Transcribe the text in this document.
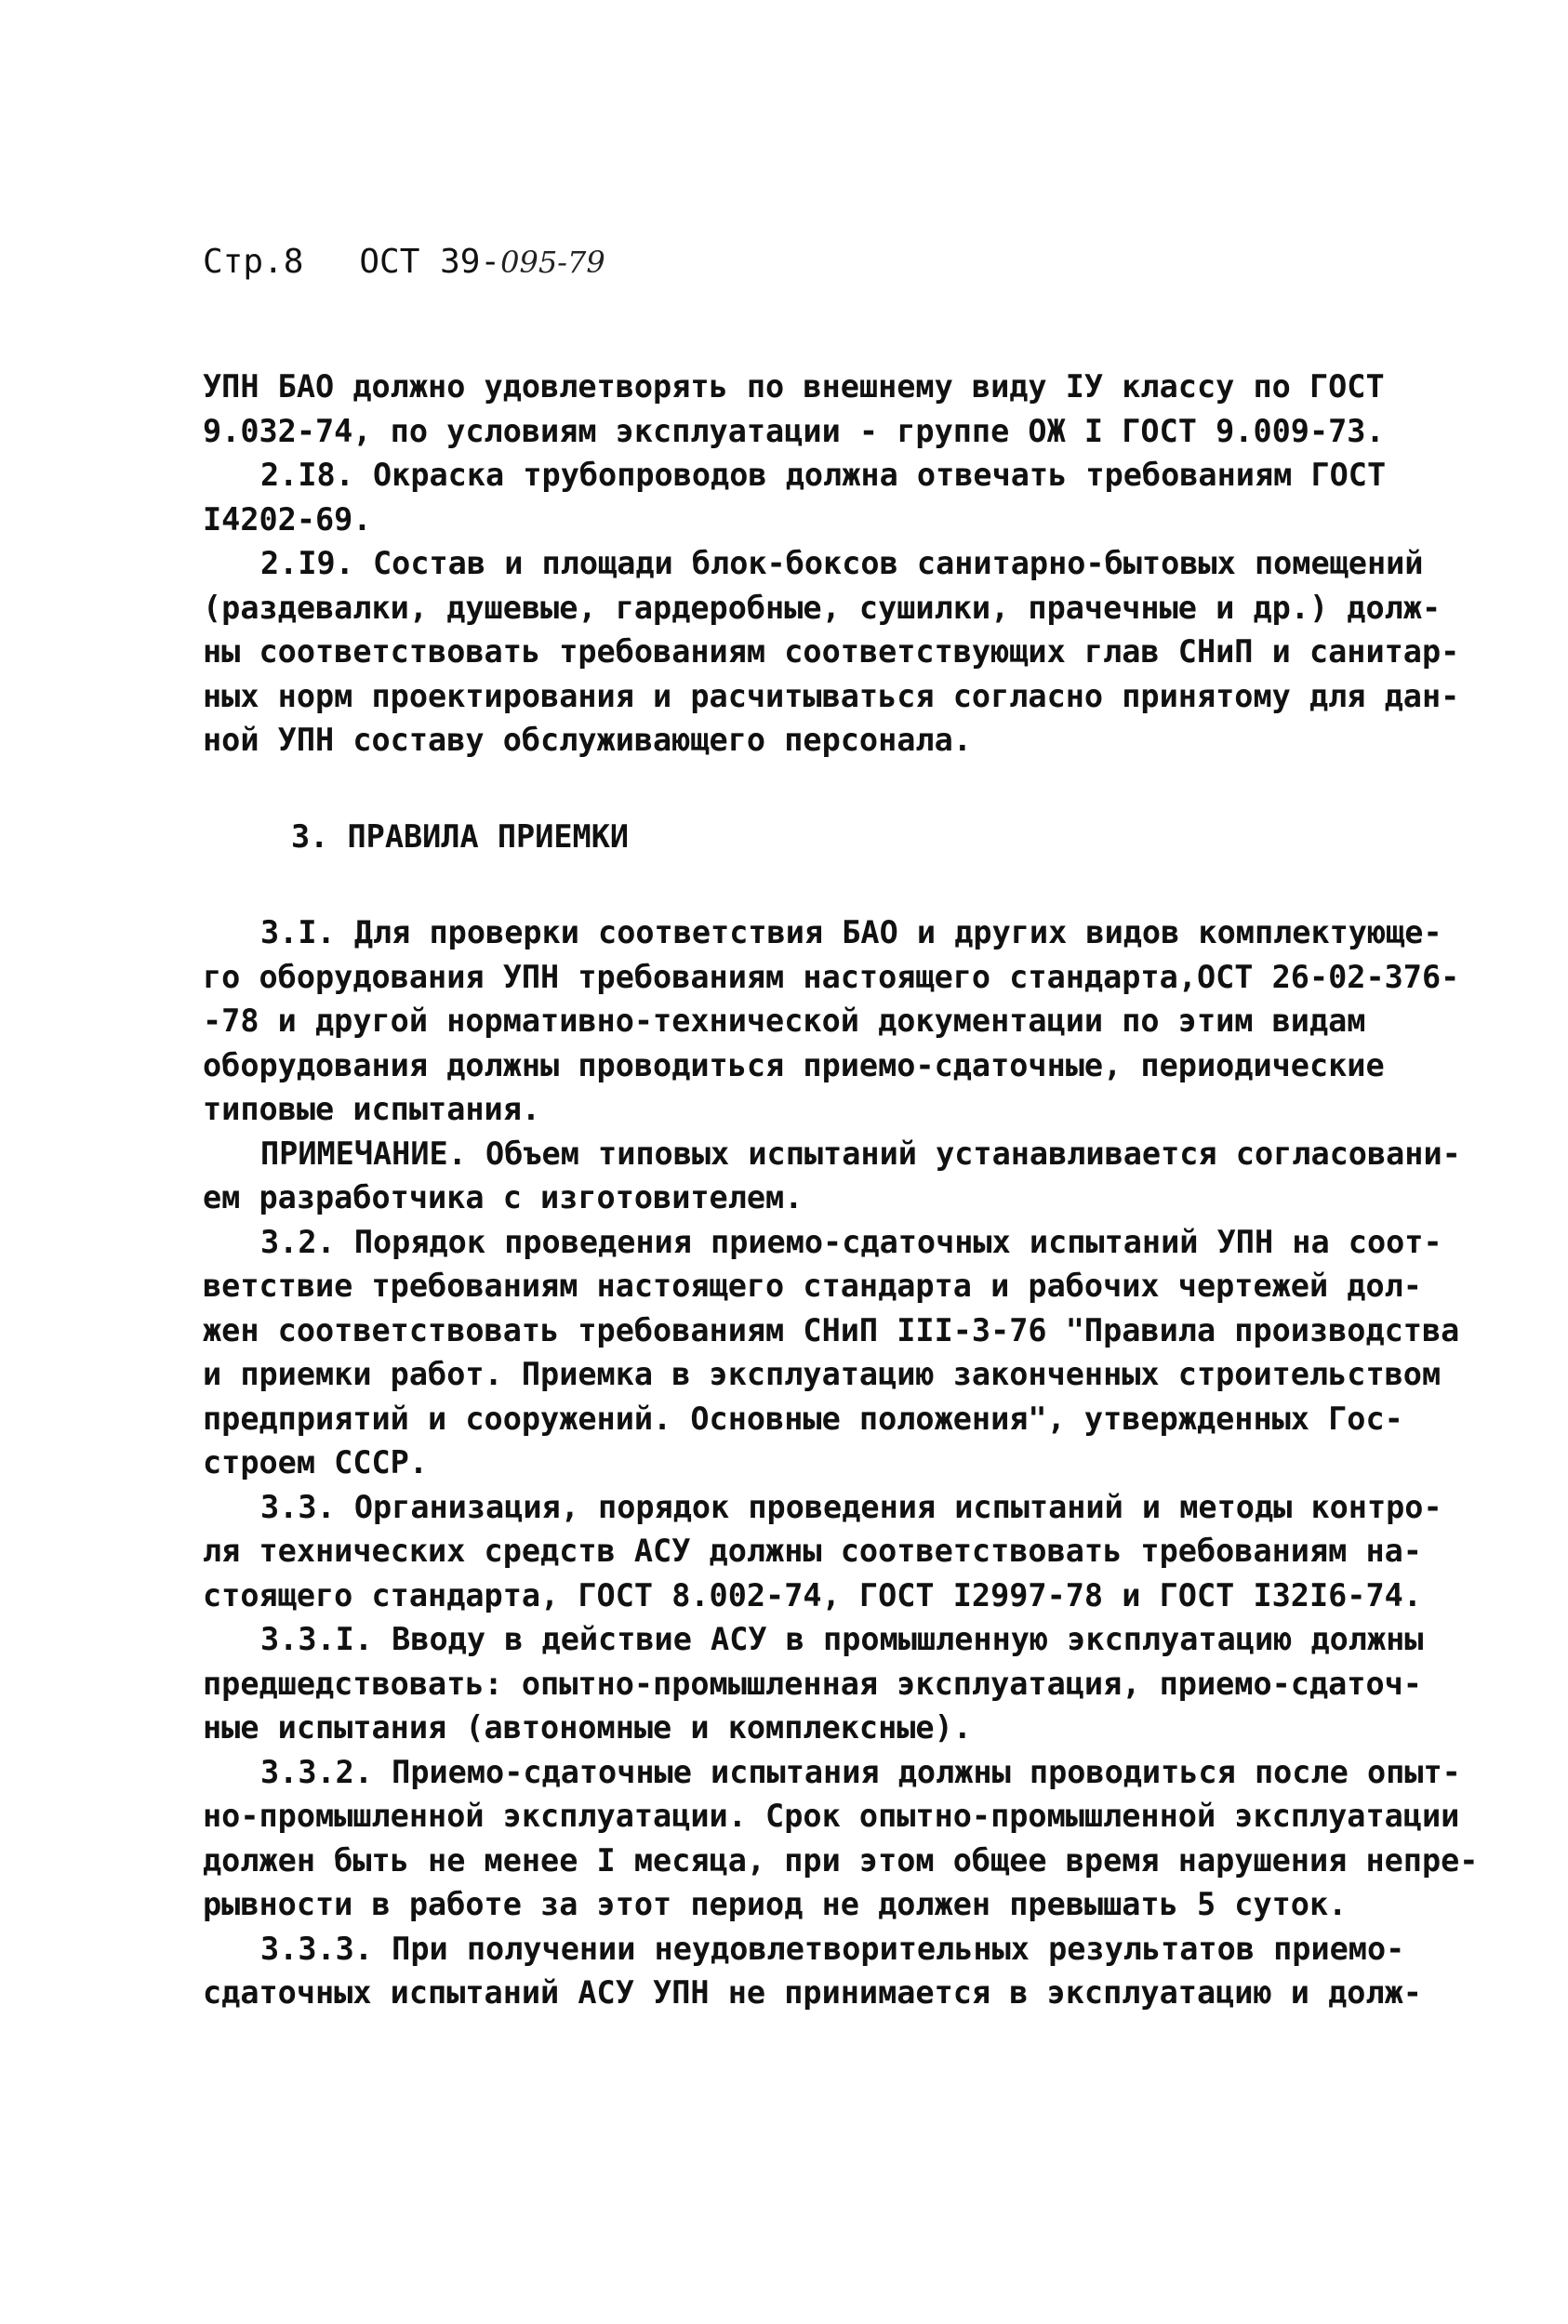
Стр.8 ОСТ 39-095-79
УПН БАО должно удовлетворять по внешнему виду IУ классу по ГОСТ
9.032-74, по условиям эксплуатации - группе ОЖ I ГОСТ 9.009-73.
2.I8. Окраска трубопроводов должна отвечать требованиям ГОСТ
I4202-69.
2.I9. Состав и площади блок-боксов санитарно-бытовых помещений
(раздевалки, душевые, гардеробные, сушилки, прачечные и др.) долж-
ны соответствовать требованиям соответствующих глав СНиП и санитар-
ных норм проектирования и расчитываться согласно принятому для дан-
ной УПН составу обслуживающего персонала.
3. ПРАВИЛА ПРИЕМКИ
3.I. Для проверки соответствия БАО и других видов комплектующе-
го оборудования УПН требованиям настоящего стандарта,ОСТ 26-02-376-
-78 и другой нормативно-технической документации по этим видам
оборудования должны проводиться приемо-сдаточные, периодические
типовые испытания.
ПРИМЕЧАНИЕ. Объем типовых испытаний устанавливается согласовани-
ем разработчика с изготовителем.
3.2. Порядок проведения приемо-сдаточных испытаний УПН на соот-
ветствие требованиям настоящего стандарта и рабочих чертежей дол-
жен соответствовать требованиям СНиП III-3-76 "Правила производства
и приемки работ. Приемка в эксплуатацию законченных строительством
предприятий и сооружений. Основные положения", утвержденных Гос-
строем СССР.
3.3. Организация, порядок проведения испытаний и методы контро-
ля технических средств АСУ должны соответствовать требованиям на-
стоящего стандарта, ГОСТ 8.002-74, ГОСТ I2997-78 и ГОСТ I32I6-74.
3.3.I. Вводу в действие АСУ в промышленную эксплуатацию должны
предшедствовать: опытно-промышленная эксплуатация, приемо-сдаточ-
ные испытания (автономные и комплексные).
3.3.2. Приемо-сдаточные испытания должны проводиться после опыт-
но-промышленной эксплуатации. Срок опытно-промышленной эксплуатации
должен быть не менее I месяца, при этом общее время нарушения непре-
рывности в работе за этот период не должен превышать 5 суток.
3.3.3. При получении неудовлетворительных результатов приемо-
сдаточных испытаний АСУ УПН не принимается в эксплуатацию и долж-
